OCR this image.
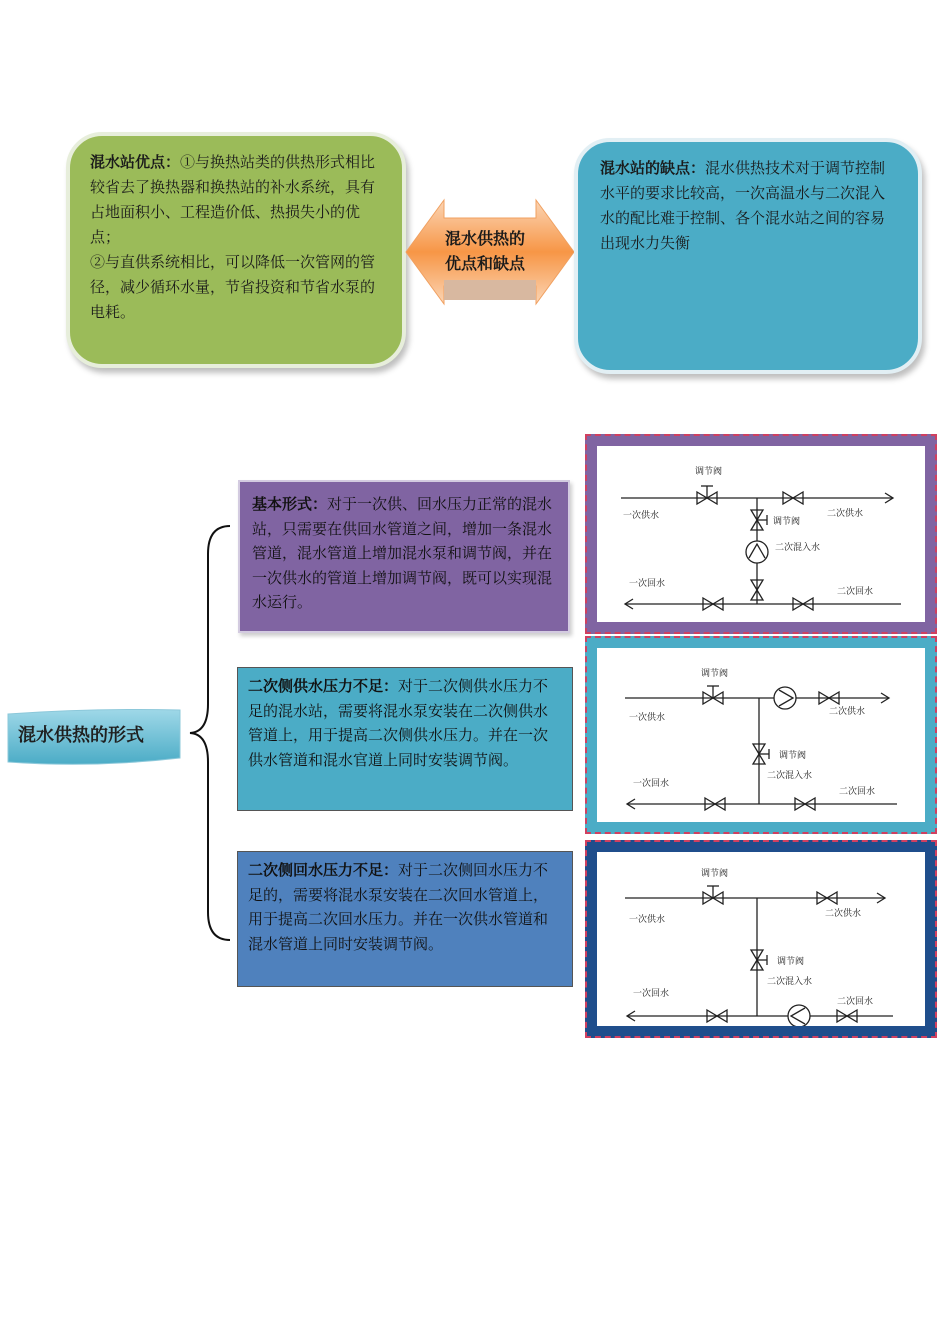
混水站优点：①与换热站类的供热形式相比较省去了换热器和换热站的补水系统，具有占地面积小、工程造价低、热损失小的优点；

②与直供系统相比，可以降低一次管网的管径，减少循环水量，节省投资和节省水泵的电耗。

混水供热的
优点和缺点

混水站的缺点：混水供热技术对于调节控制水平的要求比较高，一次高温水与二次混入水的配比难于控制、各个混水站之间的容易出现水力失衡

混水供热的形式

基本形式：对于一次供、回水压力正常的混水站，只需要在供回水管道之间，增加一条混水管道，混水管道上增加混水泵和调节阀，并在一次供水的管道上增加调节阀，既可以实现混水运行。

二次侧供水压力不足：对于二次侧供水压力不足的混水站，需要将混水泵安装在二次侧供水管道上，用于提高二次侧供水压力。并在一次供水管道和混水官道上同时安装调节阀。

二次侧回水压力不足：对于二次侧回水压力不足的，需要将混水泵安装在二次回水管道上，用于提高二次回水压力。并在一次供水管道和混水管道上同时安装调节阀。

调节阀
一次供水	二次供水
调节阀
二次混入水
一次回水
二次回水
调节阀
一次供水
二次供水
调节阀
二次混入水
一次回水
二次回水
调节阀
一次供水
二次供水
调节阀
二次混入水
一次回水
二次回水
